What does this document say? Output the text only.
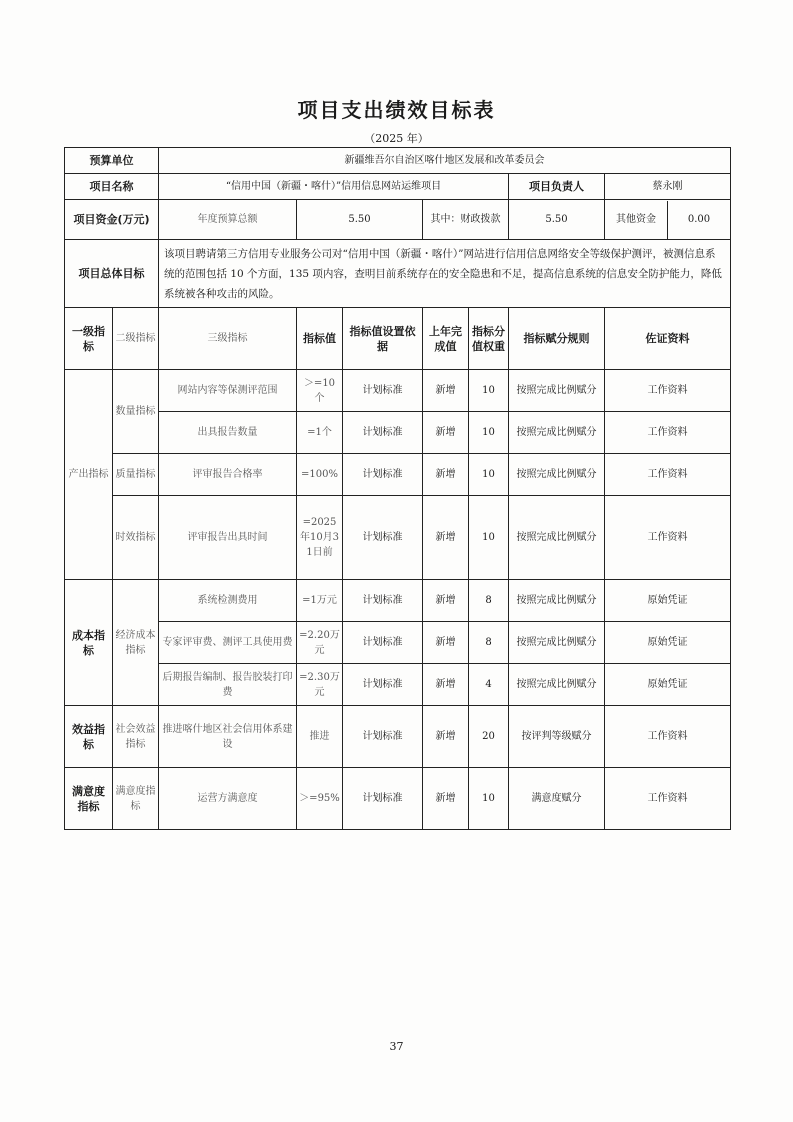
项目支出绩效目标表
（2025 年）
预算单位		新疆维吾尔自治区喀什地区发展和改革委员会						
项目名称		“信用中国（新疆・喀什）”信用信息网站运维项目					项目负责人	蔡永刚
项目资金(万元)		年度预算总额	5.50		其中：财政拨款		5.50	其他资金 0.00

项目总体目标		该项目聘请第三方信用专业服务公司对“信用中国（新疆・喀什）”网站进行信用信息网络安全等级保护测评，被测信息系统的范围包括 10 个方面，135 项内容，查明目前系统存在的安全隐患和不足，提高信息系统的信息安全防护能力，降低系统被各种攻击的风险。						
一级指标	二级指标	三级指标	指标值	指标值设置依据	上年完成值	指标分值权重	指标赋分规则	佐证资料
产出指标	数量指标	网站内容等保测评范围	＞=10个	计划标准	新增	10	按照完成比例赋分	工作资料
		出具报告数量	=1个	计划标准	新增	10	按照完成比例赋分	工作资料
	质量指标	评审报告合格率	=100%	计划标准	新增	10	按照完成比例赋分	工作资料
	时效指标	评审报告出具时间	=2025年10月31日前	计划标准	新增	10	按照完成比例赋分	工作资料
成本指标	经济成本指标	系统检测费用	=1万元	计划标准	新增	8	按照完成比例赋分	原始凭证
		专家评审费、测评工具使用费	=2.20万元	计划标准	新增	8	按照完成比例赋分	原始凭证
		后期报告编制、报告胶装打印费	=2.30万元	计划标准	新增	4	按照完成比例赋分	原始凭证
效益指标	社会效益指标	推进喀什地区社会信用体系建设	推进	计划标准	新增	20	按评判等级赋分	工作资料
满意度指标	满意度指标	运营方满意度	＞=95%	计划标准	新增	10	满意度赋分	工作资料
37
